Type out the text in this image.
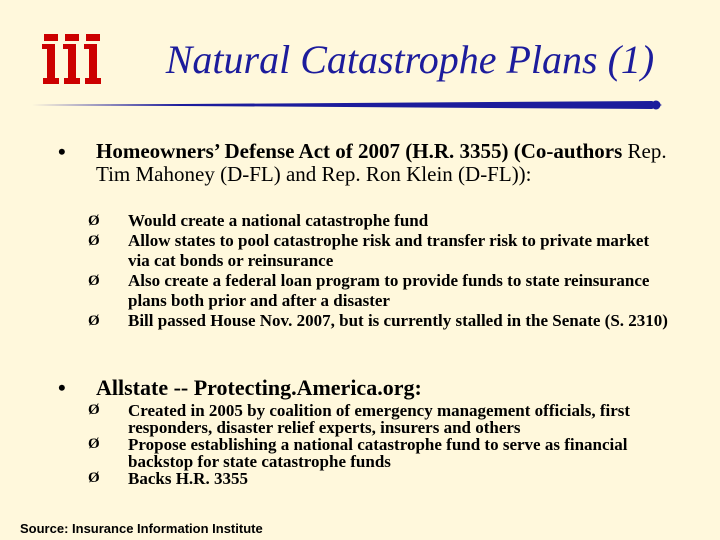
Natural Catastrophe Plans (1)
• Homeowners’ Defense Act of 2007 (H.R. 3355) (Co-authors Rep. Tim Mahoney (D-FL) and Rep. Ron Klein (D-FL)):
Ø Would create a national catastrophe fund
Ø Allow states to pool catastrophe risk and transfer risk to private market via cat bonds or reinsurance
Ø Also create a federal loan program to provide funds to state reinsurance plans both prior and after a disaster
Ø Bill passed House Nov. 2007, but is currently stalled in the Senate (S. 2310)
• Allstate -- Protecting.America.org:
Ø Created in 2005 by coalition of emergency management officials, first responders, disaster relief experts, insurers and others
Ø Propose establishing a national catastrophe fund to serve as financial backstop for state catastrophe funds
Ø Backs H.R. 3355
Source: Insurance Information Institute
